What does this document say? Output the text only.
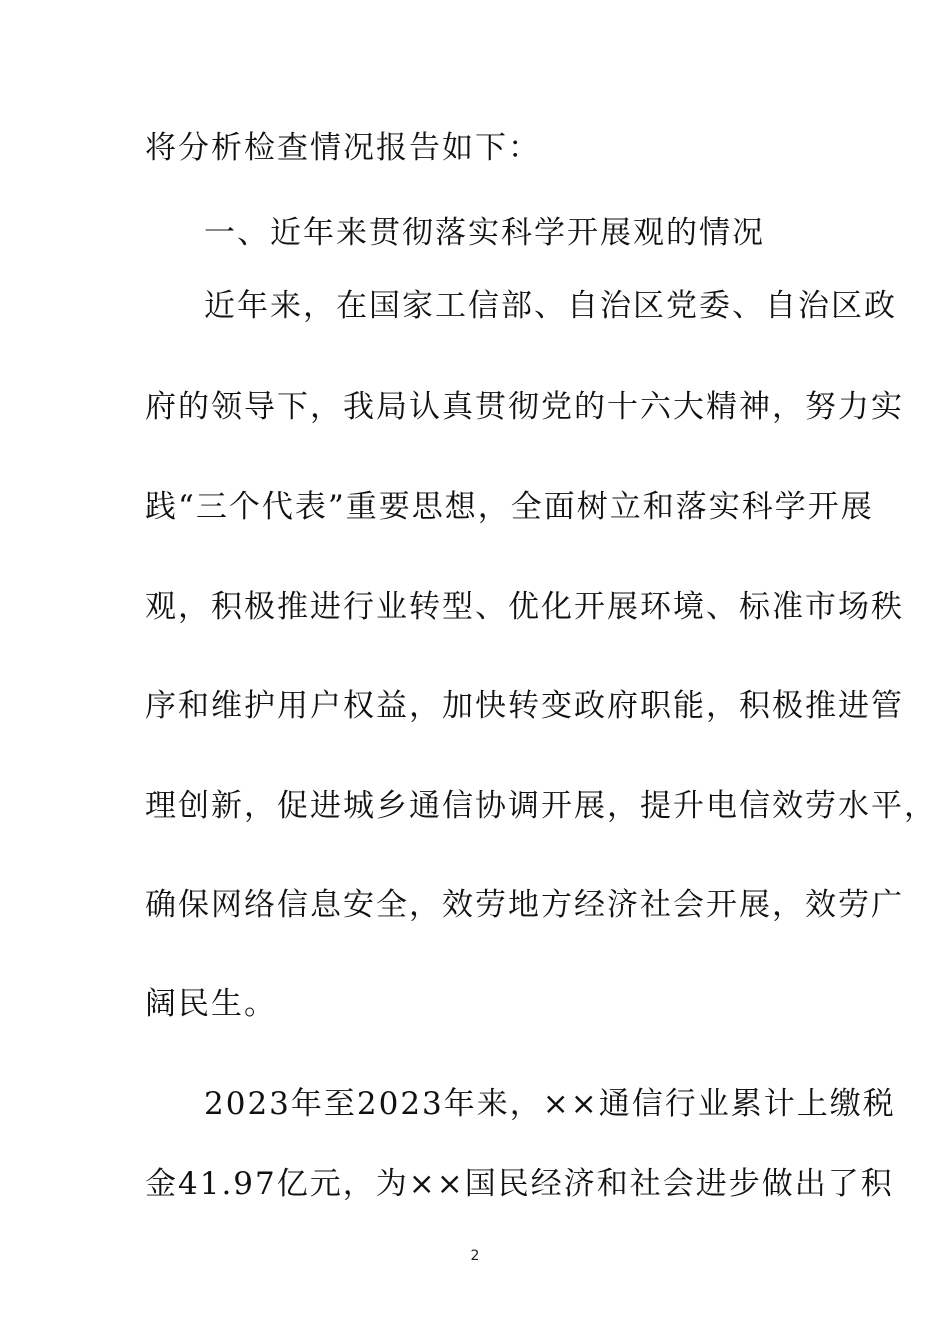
将分析检查情况报告如下：
一、近年来贯彻落实科学开展观的情况
近年来，在国家工信部、自治区党委、自治区政
府的领导下，我局认真贯彻党的十六大精神，努力实
践“三个代表”重要思想，全面树立和落实科学开展
观，积极推进行业转型、优化开展环境、标准市场秩
序和维护用户权益，加快转变政府职能，积极推进管
理创新，促进城乡通信协调开展，提升电信效劳水平，
确保网络信息安全，效劳地方经济社会开展，效劳广
阔民生。
2023年至2023年来，××通信行业累计上缴税
金41.97亿元，为××国民经济和社会进步做出了积
2
